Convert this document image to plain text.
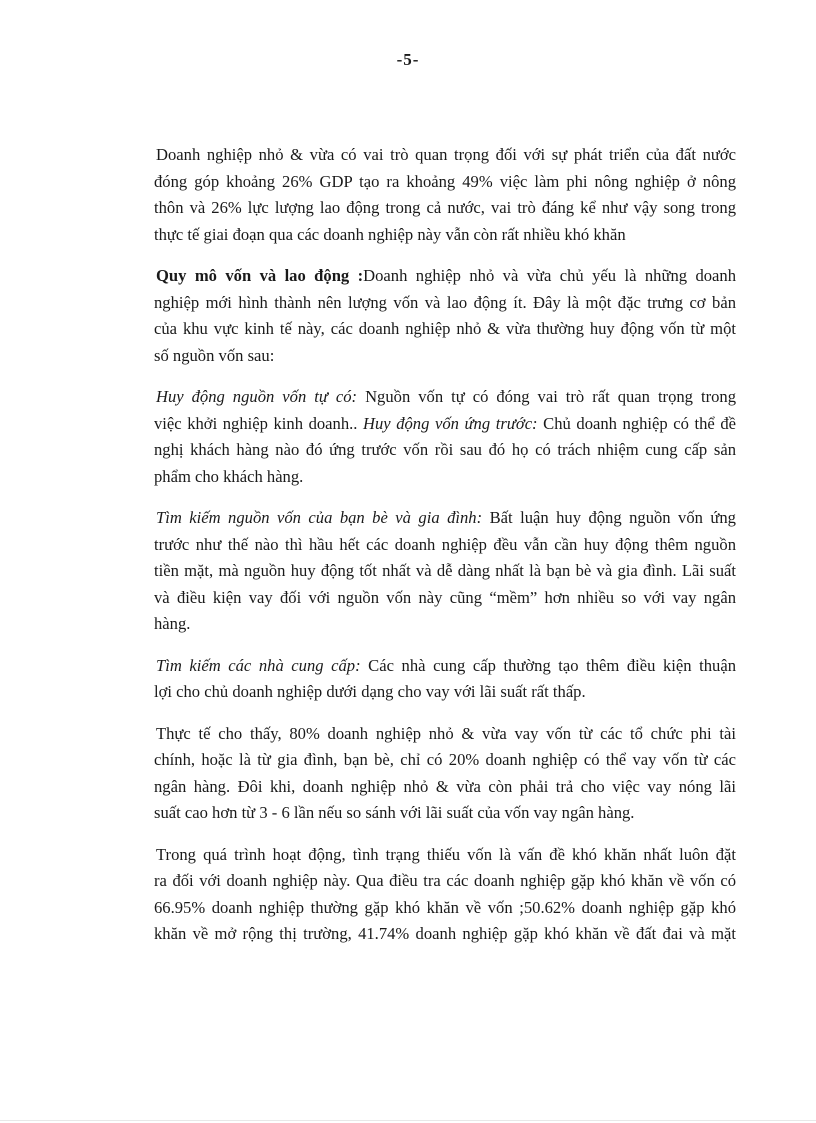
-5-
Doanh nghiệp nhỏ & vừa có vai trò quan trọng đối với sự phát triển của đất nước
đóng góp khoảng 26% GDP tạo ra khoảng 49% việc làm phi nông nghiệp ở nông
thôn và 26% lực lượng lao động trong cả nước, vai trò đáng kể như vậy song trong
thực tế giai đoạn qua các doanh nghiệp này vẫn còn rất nhiều khó khăn
Quy mô vốn và lao động :Doanh nghiệp nhỏ và vừa chủ yếu là những doanh
nghiệp mới hình thành nên lượng vốn và lao động ít. Đây là một đặc trưng cơ bản
của khu vực kinh tế này, các doanh nghiệp nhỏ & vừa thường huy động vốn từ một
số nguồn vốn sau:
Huy động nguồn vốn tự có: Nguồn vốn tự có đóng vai trò rất quan trọng trong
việc khởi nghiệp kinh doanh.. Huy động vốn ứng trước: Chủ doanh nghiệp có thể đề
nghị khách hàng nào đó ứng trước vốn rồi sau đó họ có trách nhiệm cung cấp sản
phẩm cho khách hàng.
Tìm kiếm nguồn vốn của bạn bè và gia đình: Bất luận huy động nguồn vốn ứng
trước như thế nào thì hầu hết các doanh nghiệp đều vẫn cần huy động thêm nguồn
tiền mặt, mà nguồn huy động tốt nhất và dễ dàng nhất là bạn bè và gia đình. Lãi suất
và điều kiện vay đối với nguồn vốn này cũng “mềm” hơn nhiều so với vay ngân
hàng.
Tìm kiếm các nhà cung cấp: Các nhà cung cấp thường tạo thêm điều kiện thuận
lợi cho chủ doanh nghiệp dưới dạng cho vay với lãi suất rất thấp.
Thực tế cho thấy, 80% doanh nghiệp nhỏ & vừa vay vốn từ các tổ chức phi tài
chính, hoặc là từ gia đình, bạn bè, chỉ có 20% doanh nghiệp có thể vay vốn từ các
ngân hàng. Đôi khi, doanh nghiệp nhỏ & vừa còn phải trả cho việc vay nóng lãi
suất cao hơn từ 3 - 6 lần nếu so sánh với lãi suất của vốn vay ngân hàng.
Trong quá trình hoạt động, tình trạng thiếu vốn là vấn đề khó khăn nhất luôn đặt
ra đối với doanh nghiệp này. Qua điều tra các doanh nghiệp gặp khó khăn về vốn có
66.95% doanh nghiệp thường gặp khó khăn về vốn ;50.62% doanh nghiệp gặp khó
khăn về mở rộng thị trường, 41.74% doanh nghiệp gặp khó khăn về đất đai và mặt
